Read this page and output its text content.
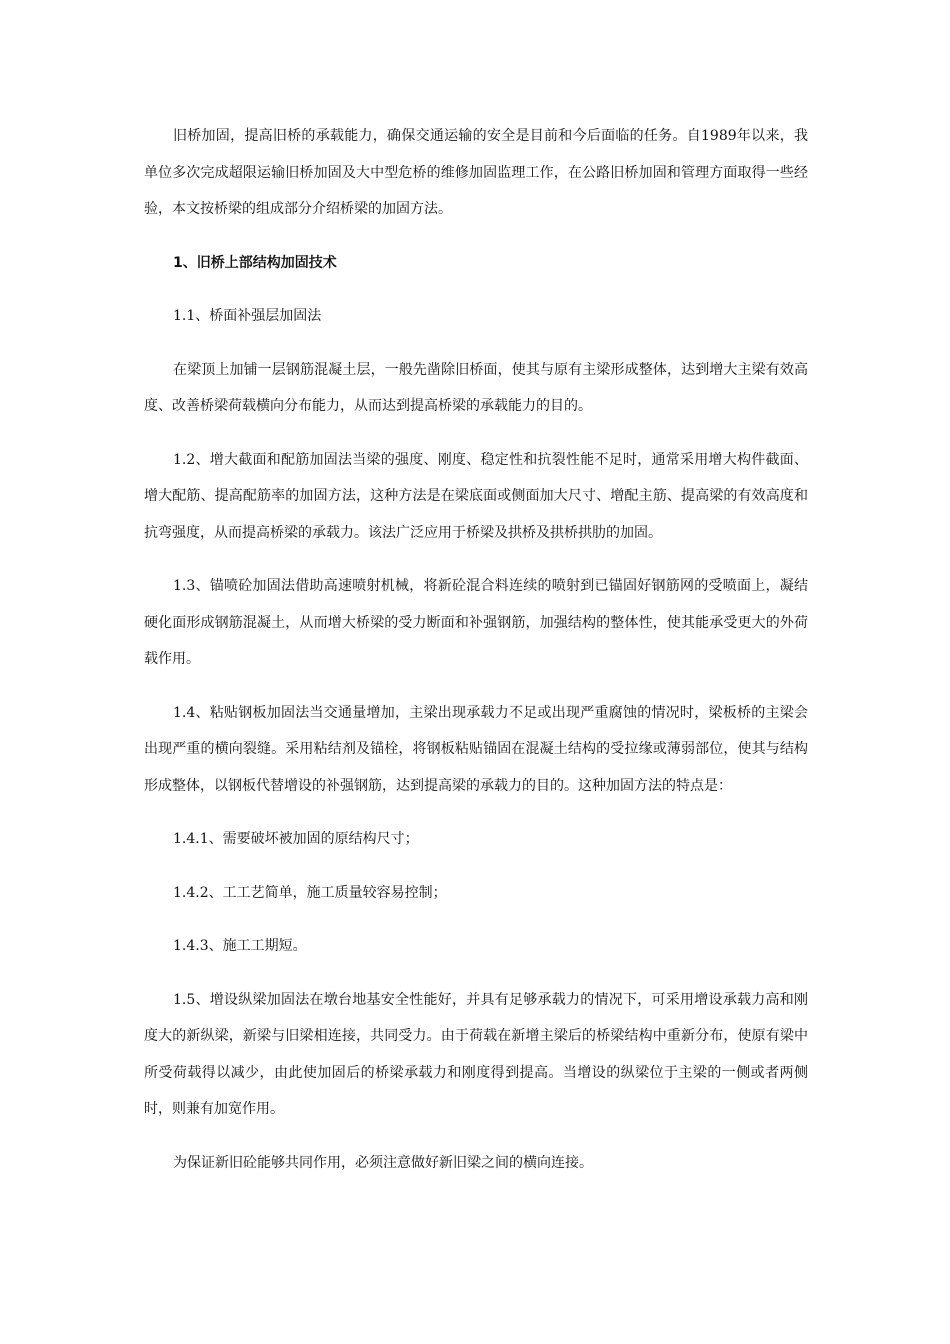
旧桥加固，提高旧桥的承载能力，确保交通运输的安全是目前和今后面临的任务。自1989年以来，我单位多次完成超限运输旧桥加固及大中型危桥的维修加固监理工作，在公路旧桥加固和管理方面取得一些经验，本文按桥梁的组成部分介绍桥梁的加固方法。

1、旧桥上部结构加固技术

1.1、桥面补强层加固法

在梁顶上加铺一层钢筋混凝土层，一般先凿除旧桥面，使其与原有主梁形成整体，达到增大主梁有效高度、改善桥梁荷载横向分布能力，从而达到提高桥梁的承载能力的目的。

1.2、增大截面和配筋加固法当梁的强度、刚度、稳定性和抗裂性能不足时，通常采用增大构件截面、增大配筋、提高配筋率的加固方法，这种方法是在梁底面或侧面加大尺寸、增配主筋、提高梁的有效高度和抗弯强度，从而提高桥梁的承载力。该法广泛应用于桥梁及拱桥及拱桥拱肋的加固。

1.3、锚喷砼加固法借助高速喷射机械，将新砼混合料连续的喷射到已锚固好钢筋网的受喷面上，凝结硬化面形成钢筋混凝土，从而增大桥梁的受力断面和补强钢筋，加强结构的整体性，使其能承受更大的外荷载作用。

1.4、粘贴钢板加固法当交通量增加，主梁出现承载力不足或出现严重腐蚀的情况时，梁板桥的主梁会出现严重的横向裂缝。采用粘结剂及锚栓，将钢板粘贴锚固在混凝土结构的受拉缘或薄弱部位，使其与结构形成整体，以钢板代替增设的补强钢筋，达到提高梁的承载力的目的。这种加固方法的特点是：

1.4.1、需要破坏被加固的原结构尺寸；

1.4.2、工工艺简单，施工质量较容易控制；

1.4.3、施工工期短。

1.5、增设纵梁加固法在墩台地基安全性能好，并具有足够承载力的情况下，可采用增设承载力高和刚度大的新纵梁，新梁与旧梁相连接，共同受力。由于荷载在新增主梁后的桥梁结构中重新分布，使原有梁中所受荷载得以减少，由此使加固后的桥梁承载力和刚度得到提高。当增设的纵梁位于主梁的一侧或者两侧时，则兼有加宽作用。

为保证新旧砼能够共同作用，必须注意做好新旧梁之间的横向连接。
